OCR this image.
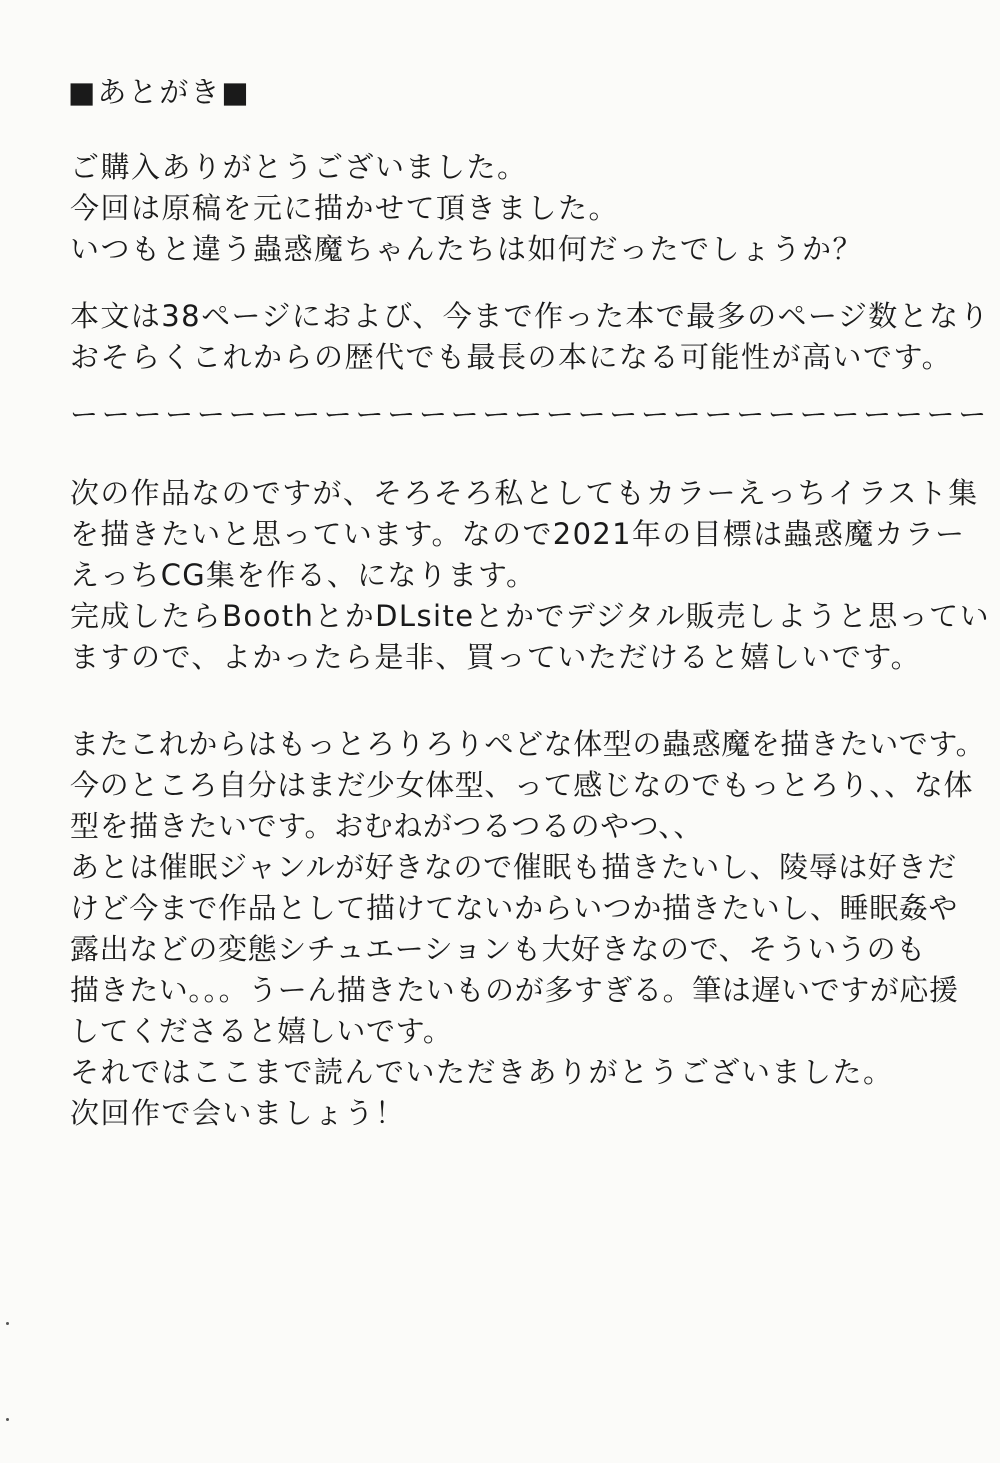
■あとがき■

ご購入ありがとうございました。
今回は原稿を元に描かせて頂きました。
いつもと違う蟲惑魔ちゃんたちは如何だったでしょうか？

本文は38ページにおよび、今まで作った本で最多のページ数となり
おそらくこれからの歴代でも最長の本になる可能性が高いです。

ーーーーーーーーーーーーーーーーーーーーーーーーーーーーー

次の作品なのですが、そろそろ私としてもカラーえっちイラスト集
を描きたいと思っています。なので2021年の目標は蟲惑魔カラー
えっちCG集を作る、になります。
完成したらBoothとかDLsiteとかでデジタル販売しようと思ってい
ますので、よかったら是非、買っていただけると嬉しいです。

またこれからはもっとろりろりぺどな体型の蟲惑魔を描きたいです。
今のところ自分はまだ少女体型、って感じなのでもっとろり、、な体
型を描きたいです。おむねがつるつるのやつ、、
あとは催眠ジャンルが好きなので催眠も描きたいし、陵辱は好きだ
けど今まで作品として描けてないからいつか描きたいし、睡眠姦や
露出などの変態シチュエーションも大好きなので、そういうのも
描きたい。。。うーん描きたいものが多すぎる。筆は遅いですが応援
してくださると嬉しいです。

それではここまで読んでいただきありがとうございました。
次回作で会いましょう！
